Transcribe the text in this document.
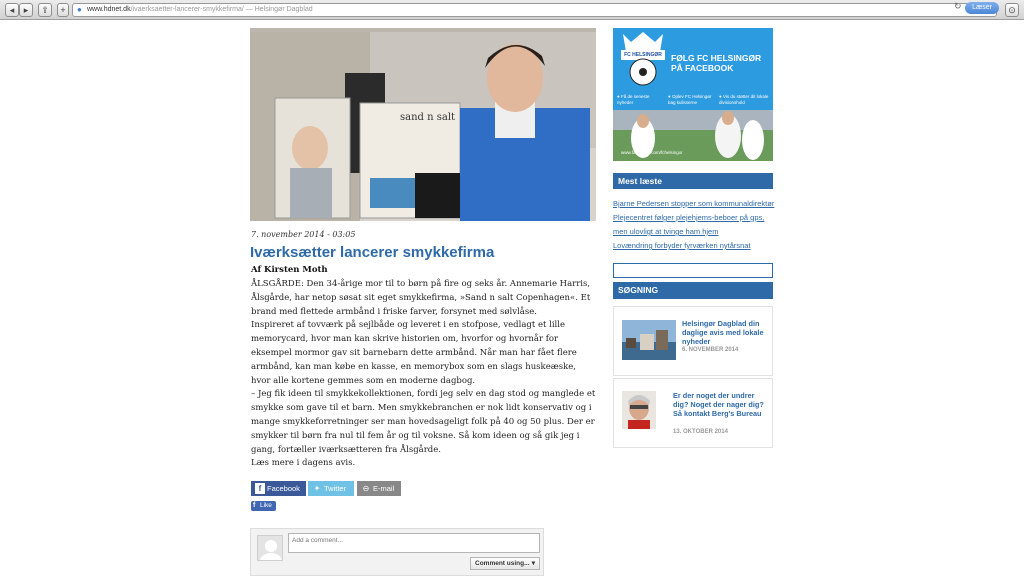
◂	▸	⇪	+	● www.hdnet.dk/ivaerksaetter-lancerer-smykkefirma/ — Helsingør Dagblad	↻	Læser	⊙
sand n salt
7. november 2014 - 03:05
Iværksætter lancerer smykkefirma
Af Kirsten Moth

ÅLSGÅRDE: Den 34-årige mor til to børn på fire og seks år. Annemarie Harris, Ålsgårde, har netop søsat sit eget smykkefirma, »Sand n salt Copenhagen«. Et brand med flettede armbånd i friske farver, forsynet med sølvlåse.

Inspireret af tovværk på sejlbåde og leveret i en stofpose, vedlagt et lille memorycard, hvor man kan skrive historien om, hvorfor og hvornår for eksempel mormor gav sit barnebarn dette armbånd. Når man har fået flere armbånd, kan man købe en kasse, en memorybox som en slags huskeæske, hvor alle kortene gemmes som en moderne dagbog.

– Jeg fik ideen til smykkekollektionen, fordi jeg selv en dag stod og manglede et smykke som gave til et barn. Men smykkebranchen er nok lidt konservativ og i mange smykkeforretninger ser man hovedsageligt folk på 40 og 50 plus. Der er smykker til børn fra nul til fem år og til voksne. Så kom ideen og så gik jeg i gang, fortæller iværksætteren fra Ålsgårde.

Læs mere i dagens avis.

f Facebook	✦ Twitter	⊖ E-mail
f Like
Add a comment...
Comment using... ▾
FC HELSINGØR	FØLG FC HELSINGØR
PÅ FACEBOOK
● Få de seneste nyheder
● Oplev FC Helsingør bag kulisserne
● Vis du støtter dit lokale divisionshold
www.facebook.com/fchelsingor
Mest læste
Bjarne Pedersen stopper som kommunaldirektør
Plejecentret følger plejehjems-beboer på gps, men ulovligt at tvinge ham hjem
Lovændring forbyder fyrværkeri nytårsnat
SØGNING
Helsingør Dagblad din daglige avis med lokale nyheder
6. NOVEMBER 2014
Er der noget der undrer dig? Noget der nager dig? Så kontakt Berg's Bureau
13. OKTOBER 2014
